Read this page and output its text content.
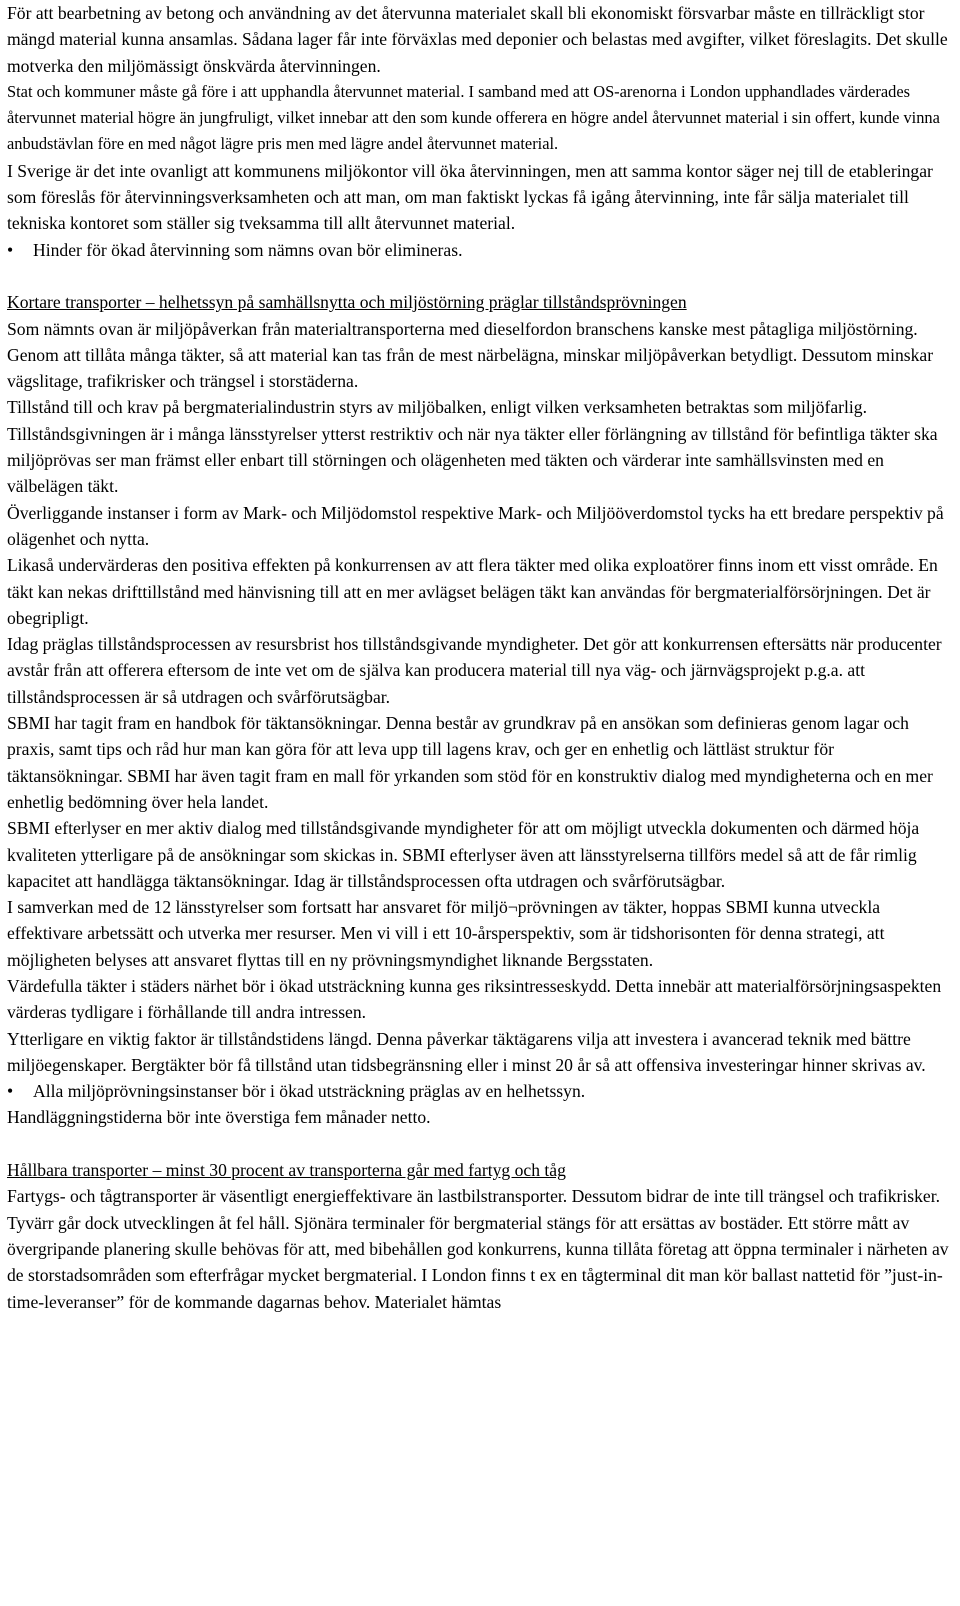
För att bearbetning av betong och användning av det återvunna materialet skall bli ekonomiskt försvarbar måste en tillräckligt stor mängd material kunna ansamlas. Sådana lager får inte förväxlas med deponier och belastas med avgifter, vilket föreslagits. Det skulle motverka den miljömässigt önskvärda återvinningen.

Stat och kommuner måste gå före i att upphandla återvunnet material. I samband med att OS-arenorna i London upphandlades värderades återvunnet material högre än jungfruligt, vilket innebar att den som kunde offerera en högre andel återvunnet material i sin offert, kunde vinna anbudstävlan före en med något lägre pris men med lägre andel återvunnet material.

I Sverige är det inte ovanligt att kommunens miljökontor vill öka återvinningen, men att samma kontor säger nej till de etableringar som föreslås för återvinningsverksamheten och att man, om man faktiskt lyckas få igång återvinning, inte får sälja materialet till tekniska kontoret som ställer sig tveksamma till allt återvunnet material.

•	Hinder för ökad återvinning som nämns ovan bör elimineras.

Kortare transporter – helhetssyn på samhällsnytta och miljöstörning präglar tillståndsprövningen

Som nämnts ovan är miljöpåverkan från materialtransporterna med dieselfordon branschens kanske mest påtagliga miljöstörning. Genom att tillåta många täkter, så att material kan tas från de mest närbelägna, minskar miljöpåverkan betydligt. Dessutom minskar vägslitage, trafikrisker och trängsel i storstäderna.

Tillstånd till och krav på bergmaterialindustrin styrs av miljöbalken, enligt vilken verksamheten betraktas som miljöfarlig. Tillståndsgivningen är i många länsstyrelser ytterst restriktiv och när nya täkter eller förlängning av tillstånd för befintliga täkter ska miljöprövas ser man främst eller enbart till störningen och olägenheten med täkten och värderar inte samhällsvinsten med en välbelägen täkt.

Överliggande instanser i form av Mark- och Miljödomstol respektive Mark- och Miljööverdomstol tycks ha ett bredare perspektiv på olägenhet och nytta.

Likaså undervärderas den positiva effekten på konkurrensen av att flera täkter med olika exploatörer finns inom ett visst område. En täkt kan nekas drifttillstånd med hänvisning till att en mer avlägset belägen täkt kan användas för bergmaterialförsörjningen. Det är obegripligt.

Idag präglas tillståndsprocessen av resursbrist hos tillståndsgivande myndigheter. Det gör att konkurrensen eftersätts när producenter avstår från att offerera eftersom de inte vet om de själva kan producera material till nya väg- och järnvägsprojekt p.g.a. att tillståndsprocessen är så utdragen och svårförutsägbar.

SBMI har tagit fram en handbok för täktansökningar. Denna består av grundkrav på en ansökan som definieras genom lagar och praxis, samt tips och råd hur man kan göra för att leva upp till lagens krav, och ger en enhetlig och lättläst struktur för täktansökningar. SBMI har även tagit fram en mall för yrkanden som stöd för en konstruktiv dialog med myndigheterna och en mer enhetlig bedömning över hela landet.

SBMI efterlyser en mer aktiv dialog med tillståndsgivande myndigheter för att om möjligt utveckla dokumenten och därmed höja kvaliteten ytterligare på de ansökningar som skickas in. SBMI efterlyser även att länsstyrelserna tillförs medel så att de får rimlig kapacitet att handlägga täktansökningar. Idag är tillståndsprocessen ofta utdragen och svårförutsägbar.

I samverkan med de 12 länsstyrelser som fortsatt har ansvaret för miljö¬prövningen av täkter, hoppas SBMI kunna utveckla effektivare arbetssätt och utverka mer resurser. Men vi vill i ett 10-årsperspektiv, som är tidshorisonten för denna strategi, att möjligheten belyses att ansvaret flyttas till en ny prövningsmyndighet liknande Bergsstaten.

Värdefulla täkter i städers närhet bör i ökad utsträckning kunna ges riksintresseskydd. Detta innebär att materialförsörjningsaspekten värderas tydligare i förhållande till andra intressen.

Ytterligare en viktig faktor är tillståndstidens längd. Denna påverkar täktägarens vilja att investera i avancerad teknik med bättre miljöegenskaper. Bergtäkter bör få tillstånd utan tidsbegränsning eller i minst 20 år så att offensiva investeringar hinner skrivas av.

•	Alla miljöprövningsinstanser bör i ökad utsträckning präglas av en helhetssyn.

Handläggningstiderna bör inte överstiga fem månader netto.

Hållbara transporter – minst 30 procent av transporterna går med fartyg och tåg

Fartygs- och tågtransporter är väsentligt energieffektivare än lastbilstransporter. Dessutom bidrar de inte till trängsel och trafikrisker. Tyvärr går dock utvecklingen åt fel håll. Sjönära terminaler för bergmaterial stängs för att ersättas av bostäder. Ett större mått av övergripande planering skulle behövas för att, med bibehållen god konkurrens, kunna tillåta företag att öppna terminaler i närheten av de storstadsområden som efterfrågar mycket bergmaterial. I London finns t ex en tågterminal dit man kör ballast nattetid för ”just-in-time-leveranser” för de kommande dagarnas behov. Materialet hämtas
